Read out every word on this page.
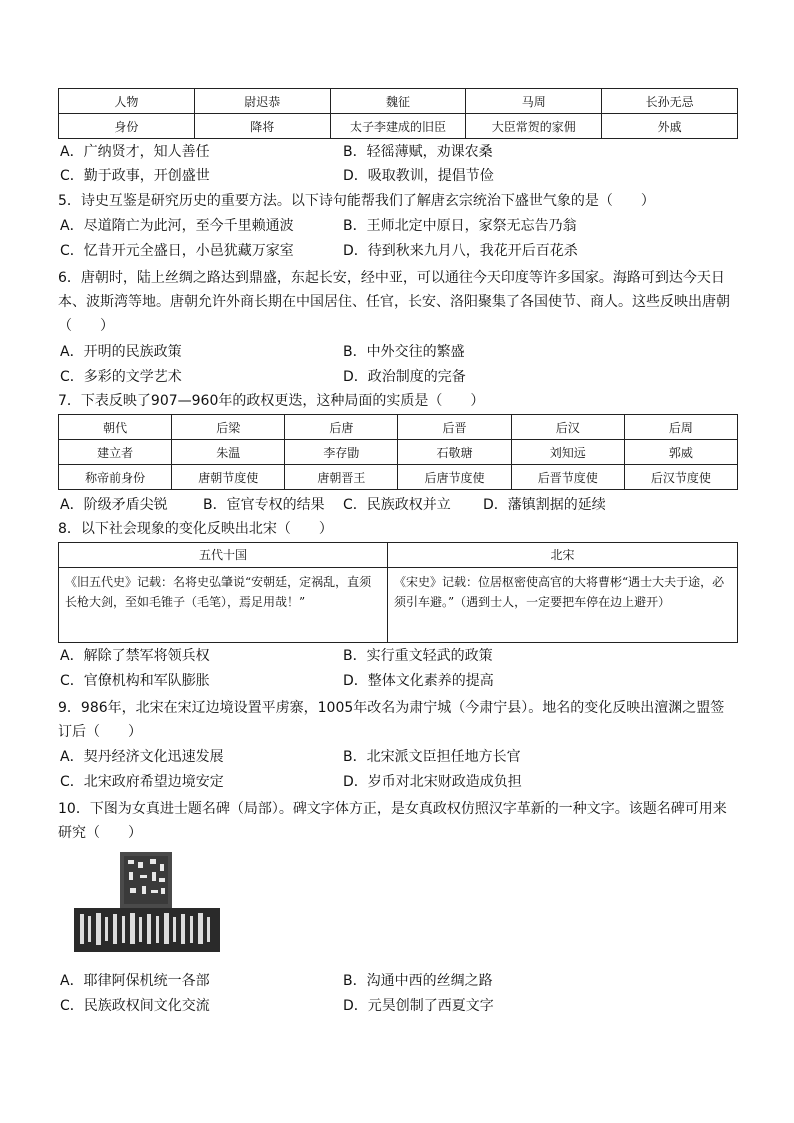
人物	尉迟恭	魏征	马周	长孙无忌
身份	降将	太子李建成的旧臣	大臣常贺的家佣	外戚
A．广纳贤才，知人善任	B．轻徭薄赋，劝课农桑
C．勤于政事，开创盛世	D．吸取教训，提倡节俭
5．诗史互鉴是研究历史的重要方法。以下诗句能帮我们了解唐玄宗统治下盛世气象的是（　　）
A．尽道隋亡为此河，至今千里赖通波	B．王师北定中原日，家祭无忘告乃翁
C．忆昔开元全盛日，小邑犹藏万家室	D．待到秋来九月八，我花开后百花杀
6．唐朝时，陆上丝绸之路达到鼎盛，东起长安，经中亚，可以通往今天印度等许多国家。海路可到达今天日本、波斯湾等地。唐朝允许外商长期在中国居住、任官，长安、洛阳聚集了各国使节、商人。这些反映出唐朝（　　）
A．开明的民族政策	B．中外交往的繁盛
C．多彩的文学艺术	D．政治制度的完备
7．下表反映了907—960年的政权更迭，这种局面的实质是（　　）
朝代	后梁	后唐	后晋	后汉	后周
建立者	朱温	李存勖	石敬瑭	刘知远	郭威
称帝前身份	唐朝节度使	唐朝晋王	后唐节度使	后晋节度使	后汉节度使
A．阶级矛盾尖锐	B．宦官专权的结果 C．民族政权并立 D．藩镇割据的延续
8．以下社会现象的变化反映出北宋（　　）
五代十国	北宋
《旧五代史》记载：名将史弘肇说“安朝廷，定祸乱，直须长枪大剑，至如毛锥子（毛笔），焉足用哉！”	《宋史》记载：位居枢密使高官的大将曹彬“遇士大夫于途，必须引车避。”（遇到士人，一定要把车停在边上避开）
A．解除了禁军将领兵权	B．实行重文轻武的政策
C．官僚机构和军队膨胀	D．整体文化素养的提高
9．986年，北宋在宋辽边境设置平虏寨，1005年改名为肃宁城（今肃宁县）。地名的变化反映出澶渊之盟签订后（　　）
A．契丹经济文化迅速发展	B．北宋派文臣担任地方长官
C．北宋政府希望边境安定	D．岁币对北宋财政造成负担
10．下图为女真进士题名碑（局部）。碑文字体方正，是女真政权仿照汉字革新的一种文字。该题名碑可用来研究（　　）
A．耶律阿保机统一各部	B．沟通中西的丝绸之路
C．民族政权间文化交流	D．元昊创制了西夏文字
